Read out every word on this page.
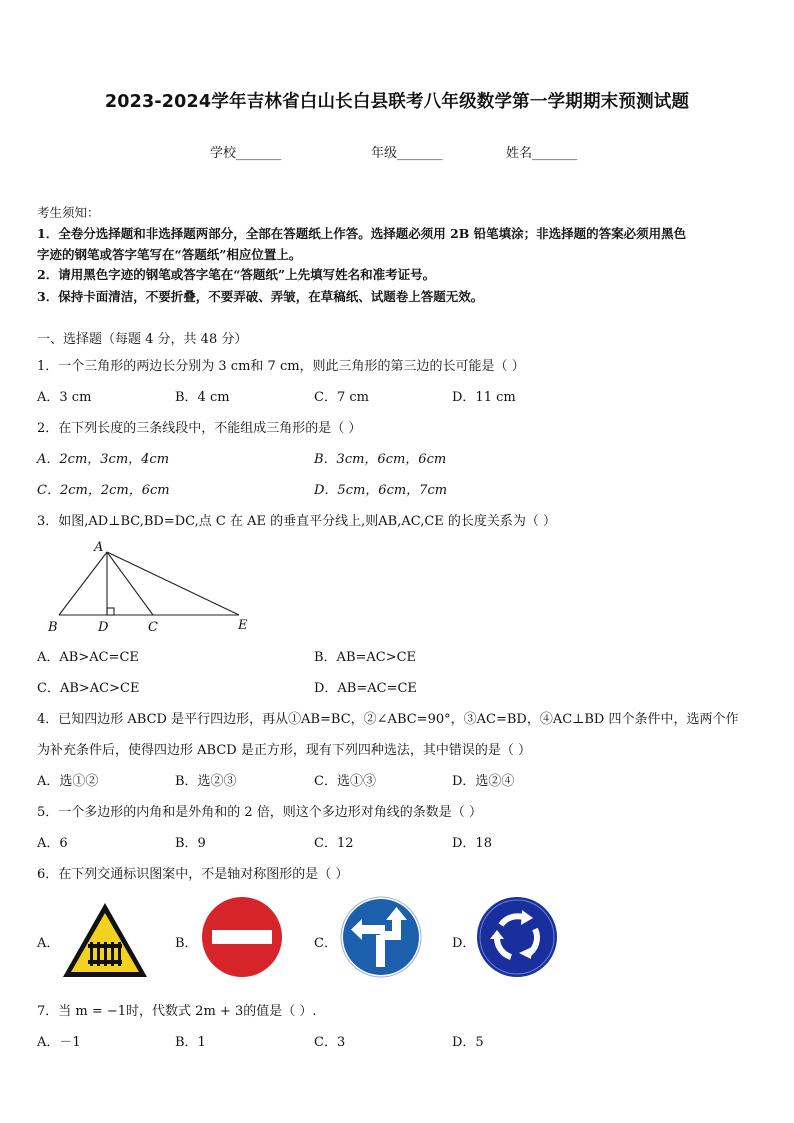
2023-2024学年吉林省白山长白县联考八年级数学第一学期期末预测试题
学校_______	年级_______	姓名_______
考生须知：
1．全卷分选择题和非选择题两部分，全部在答题纸上作答。选择题必须用 2B 铅笔填涂；非选择题的答案必须用黑色
字迹的钢笔或答字笔写在“答题纸”相应位置上。
2．请用黑色字迹的钢笔或答字笔在“答题纸”上先填写姓名和准考证号。
3．保持卡面清洁，不要折叠，不要弄破、弄皱，在草稿纸、试题卷上答题无效。
一、选择题（每题 4 分，共 48 分）
1．一个三角形的两边长分别为 3 cm和 7 cm，则此三角形的第三边的长可能是（ ）
A．3 cm	B．4 cm	C．7 cm	D．11 cm
2．在下列长度的三条线段中，不能组成三角形的是（ ）
A．2cm，3cm，4cm	B．3cm，6cm，6cm
C．2cm，2cm，6cm	D．5cm，6cm，7cm
3．如图,AD⊥BC,BD=DC,点 C 在 AE 的垂直平分线上,则AB,AC,CE 的长度关系为（ ）
A
B	D	C	E
A．AB>AC=CE	B．AB=AC>CE
C．AB>AC>CE	D．AB=AC=CE
4．已知四边形 ABCD 是平行四边形，再从①AB=BC，②∠ABC=90°，③AC=BD，④AC⊥BD 四个条件中，选两个作
为补充条件后，使得四边形 ABCD 是正方形，现有下列四种选法，其中错误的是（ ）
A．选①②	B．选②③	C．选①③	D．选②④
5．一个多边形的内角和是外角和的 2 倍，则这个多边形对角线的条数是（ ）
A．6	B．9	C．12	D．18
6．在下列交通标识图案中，不是轴对称图形的是（ ）
A．	B．	C．	D．
7．当 m = −1时，代数式 2m + 3的值是（ ）.
A．－1	B．1	C．3	D．5
